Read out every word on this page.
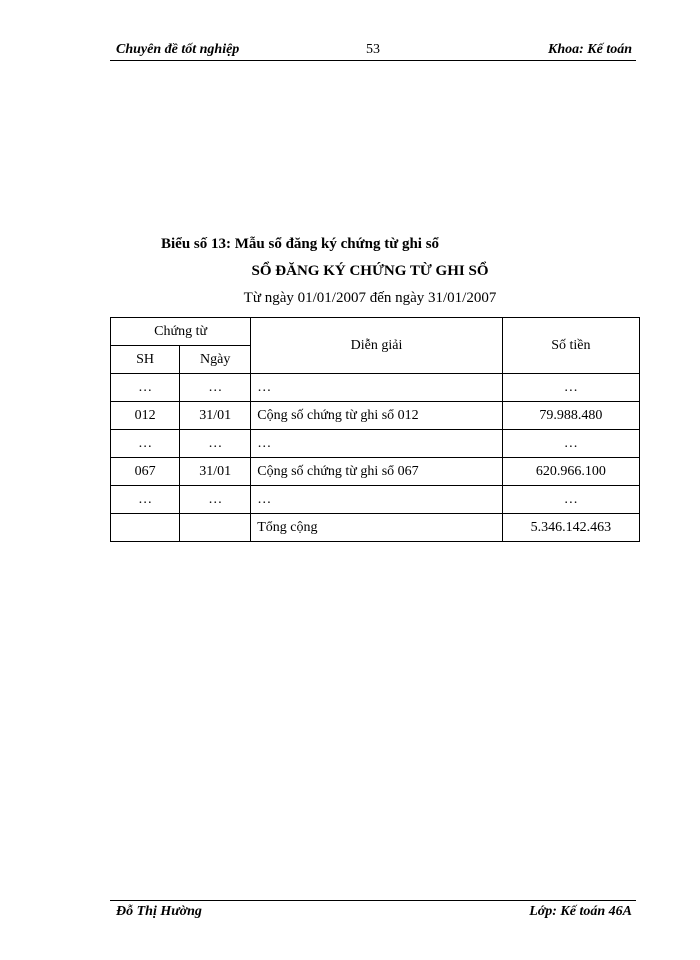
Chuyên đề tốt nghiệp	53	Khoa: Kế toán
Biểu số 13: Mẫu sổ đăng ký chứng từ ghi sổ
SỔ ĐĂNG KÝ CHỨNG TỪ GHI SỔ
Từ ngày 01/01/2007 đến ngày 31/01/2007
Chứng từ		Diễn giải	Số tiền
SH	Ngày		
…	…	…	…
012	31/01	Cộng số chứng từ ghi sổ 012	79.988.480
…	…	…	…
067	31/01	Cộng số chứng từ ghi sổ 067	620.966.100
…	…	…	…
		Tổng cộng	5.346.142.463
Đỗ Thị Hường	Lớp: Kế toán 46A
